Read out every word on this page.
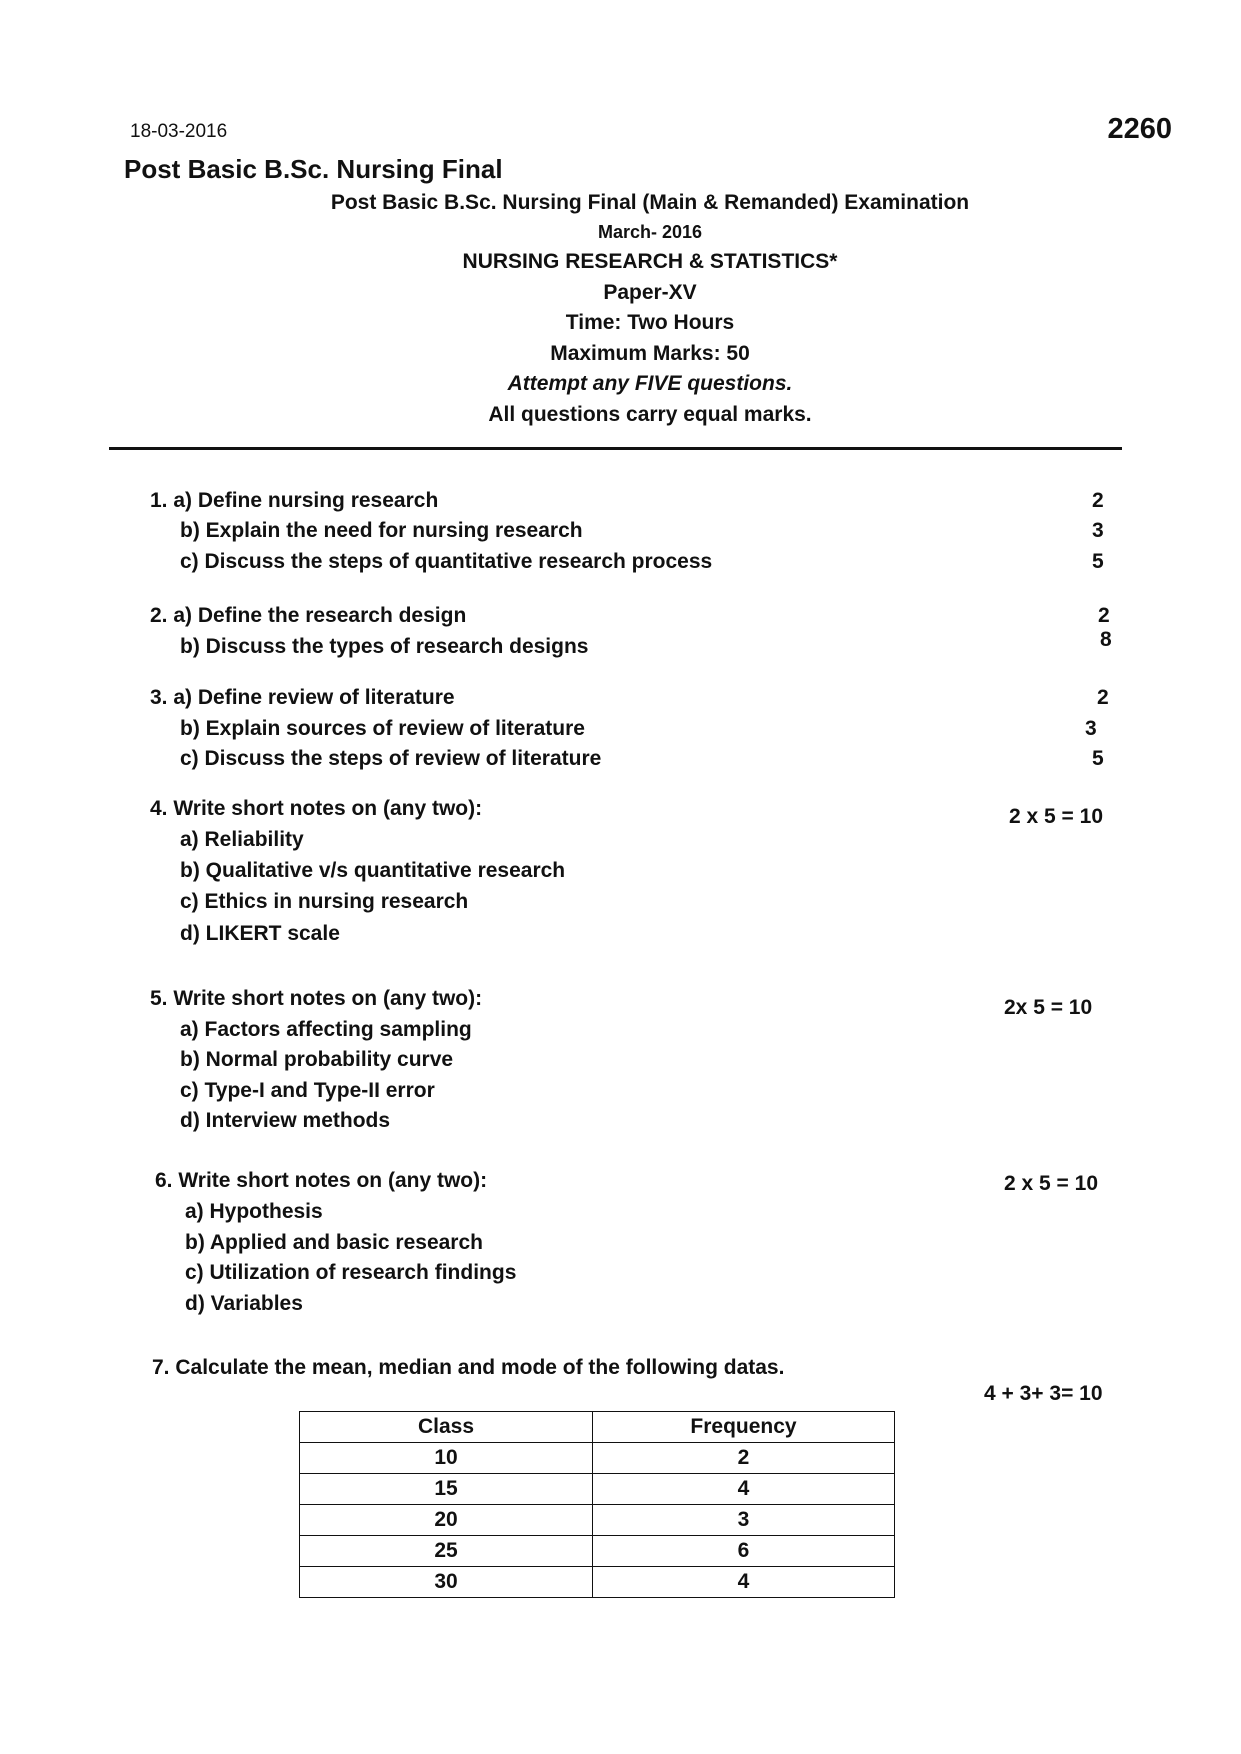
18-03-2016	2260
Post Basic B.Sc. Nursing Final
Post Basic B.Sc. Nursing Final (Main & Remanded) Examination
March- 2016
NURSING RESEARCH & STATISTICS*
Paper-XV
Time: Two Hours
Maximum Marks: 50
Attempt any FIVE questions.
All questions carry equal marks.
1. a) Define nursing research	2
b) Explain the need for nursing research	3
c) Discuss the steps of quantitative research process	5
2. a) Define the research design	2
b) Discuss the types of research designs	8
3. a) Define review of literature	2
b) Explain sources of review of literature	3
c) Discuss the steps of review of literature	5
4. Write short notes on (any two):	2 x 5 = 10
a) Reliability
b) Qualitative v/s quantitative research
c) Ethics in nursing research
d) LIKERT scale
5. Write short notes on (any two):	2x 5 = 10
a) Factors affecting sampling
b) Normal probability curve
c) Type-I and Type-II error
d) Interview methods
6. Write short notes on (any two):	2 x 5 = 10
a) Hypothesis
b) Applied and basic research
c) Utilization of research findings
d) Variables
7. Calculate the mean, median and mode of the following datas.
4 + 3+ 3= 10
Class	Frequency
10	2
15	4
20	3
25	6
30	4
